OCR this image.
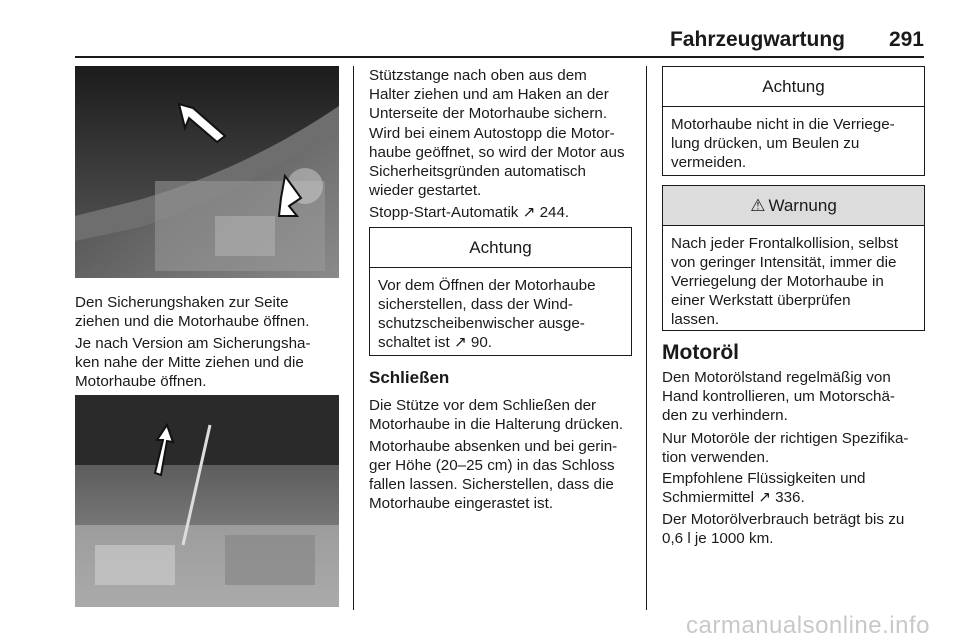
Fahrzeugwartung 291
Den Sicherungshaken zur Seite
ziehen und die Motorhaube öffnen.
Je nach Version am Sicherungsha-
ken nahe der Mitte ziehen und die
Motorhaube öffnen.
Stützstange nach oben aus dem
Halter ziehen und am Haken an der
Unterseite der Motorhaube sichern.
Wird bei einem Autostopp die Motor-
haube geöffnet, so wird der Motor aus
Sicherheitsgründen automatisch
wieder gestartet.
Stopp-Start-Automatik ↗ 244.
Achtung
Vor dem Öffnen der Motorhaube
sicherstellen, dass der Wind-
schutzscheibenwischer ausge-
schaltet ist ↗ 90.
Schließen
Die Stütze vor dem Schließen der
Motorhaube in die Halterung drücken.
Motorhaube absenken und bei gerin-
ger Höhe (20–25 cm) in das Schloss
fallen lassen. Sicherstellen, dass die
Motorhaube eingerastet ist.
Achtung
Motorhaube nicht in die Verriege-
lung drücken, um Beulen zu
vermeiden.
⚠ Warnung
Nach jeder Frontalkollision, selbst
von geringer Intensität, immer die
Verriegelung der Motorhaube in
einer Werkstatt überprüfen
lassen.
Motoröl
Den Motorölstand regelmäßig von
Hand kontrollieren, um Motorschä-
den zu verhindern.
Nur Motoröle der richtigen Spezifika-
tion verwenden.
Empfohlene Flüssigkeiten und
Schmiermittel ↗ 336.
Der Motorölverbrauch beträgt bis zu
0,6 l je 1000 km.
carmanualsonline.info
